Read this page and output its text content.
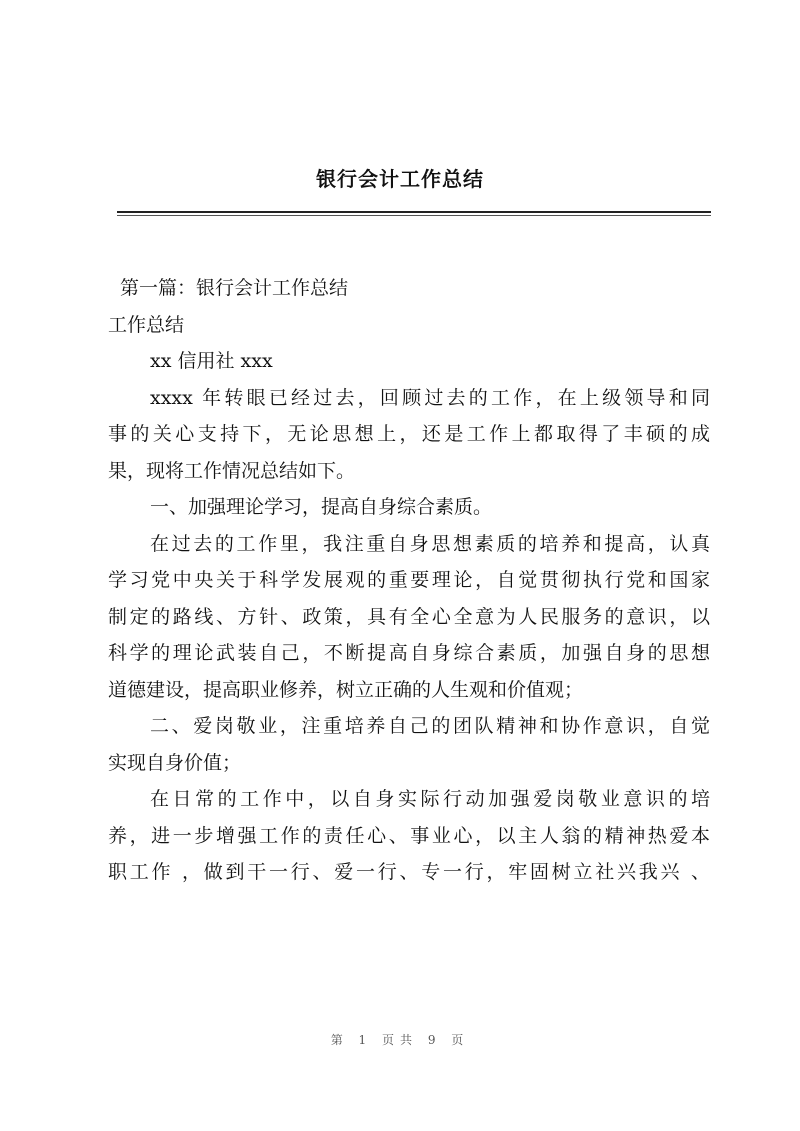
银行会计工作总结
第一篇：银行会计工作总结
工作总结
xx 信用社 xxx
xxxx 年转眼已经过去，回顾过去的工作，在上级领导和同
事的关心支持下，无论思想上，还是工作上都取得了丰硕的成
果，现将工作情况总结如下。
一、加强理论学习，提高自身综合素质。
在过去的工作里，我注重自身思想素质的培养和提高，认真
学习党中央关于科学发展观的重要理论，自觉贯彻执行党和国家
制定的路线、方针、政策，具有全心全意为人民服务的意识，以
科学的理论武装自己，不断提高自身综合素质，加强自身的思想
道德建设，提高职业修养，树立正确的人生观和价值观；
二、爱岗敬业，注重培养自己的团队精神和协作意识，自觉
实现自身价值；
在日常的工作中，以自身实际行动加强爱岗敬业意识的培
养，进一步增强工作的责任心、事业心，以主人翁的精神热爱本
职工作 ，做到干一行、爱一行、专一行，牢固树立社兴我兴 、
第 1 页共 9 页
